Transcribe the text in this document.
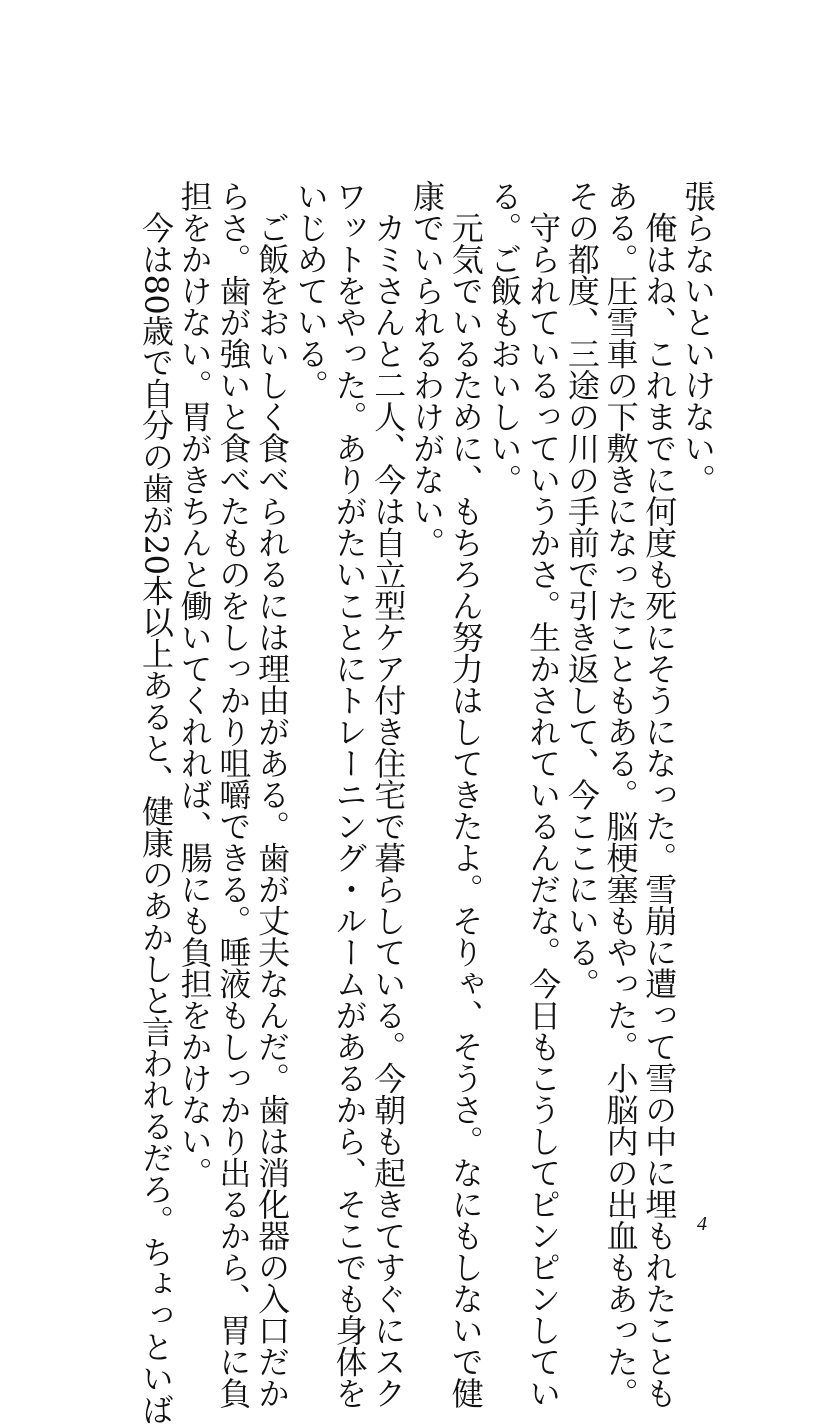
張らないといけない。
　俺はね、これまでに何度も死にそうになった。雪崩に遭って雪の中に埋もれたことも
ある。圧雪車の下敷きになったこともある。脳梗塞もやった。小脳内の出血もあった。
その都度、三途の川の手前で引き返して、今ここにいる。
　守られているっていうかさ。生かされているんだな。今日もこうしてピンピンしてい
る。ご飯もおいしい。
　元気でいるために、もちろん努力はしてきたよ。そりゃ、そうさ。なにもしないで健
康でいられるわけがない。
　カミさんと二人、今は自立型ケア付き住宅で暮らしている。今朝も起きてすぐにスク
ワットをやった。ありがたいことにトレーニング・ルームがあるから、そこでも身体を
いじめている。
　ご飯をおいしく食べられるには理由がある。歯が丈夫なんだ。歯は消化器の入口だか
らさ。歯が強いと食べたものをしっかり咀嚼できる。唾液もしっかり出るから、胃に負
担をかけない。胃がきちんと働いてくれれば、腸にも負担をかけない。
　今は80歳で自分の歯が20本以上あると、健康のあかしと言われるだろ。ちょっといば	4
